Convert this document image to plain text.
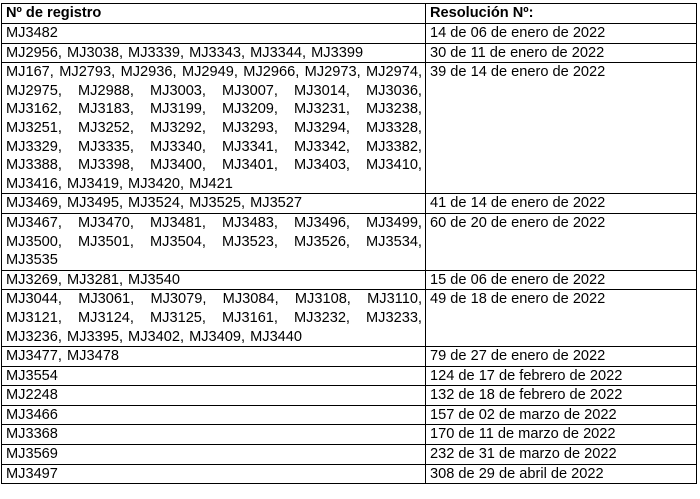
Nº de registro	Resolución Nº:
MJ3482	14 de 06 de enero de 2022
MJ2956, MJ3038, MJ3339, MJ3343, MJ3344, MJ3399	30 de 11 de enero de 2022
MJ167, MJ2793, MJ2936, MJ2949, MJ2966, MJ2973, MJ2974, MJ2975, MJ2988, MJ3003, MJ3007, MJ3014, MJ3036, MJ3162, MJ3183, MJ3199, MJ3209, MJ3231, MJ3238, MJ3251, MJ3252, MJ3292, MJ3293, MJ3294, MJ3328, MJ3329, MJ3335, MJ3340, MJ3341, MJ3342, MJ3382, MJ3388, MJ3398, MJ3400, MJ3401, MJ3403, MJ3410, MJ3416, MJ3419, MJ3420, MJ421	39 de 14 de enero de 2022
MJ3469, MJ3495, MJ3524, MJ3525, MJ3527	41 de 14 de enero de 2022
MJ3467, MJ3470, MJ3481, MJ3483, MJ3496, MJ3499, MJ3500, MJ3501, MJ3504, MJ3523, MJ3526, MJ3534, MJ3535	60 de 20 de enero de 2022
MJ3269, MJ3281, MJ3540	15 de 06 de enero de 2022
MJ3044, MJ3061, MJ3079, MJ3084, MJ3108, MJ3110, MJ3121, MJ3124, MJ3125, MJ3161, MJ3232, MJ3233, MJ3236, MJ3395, MJ3402, MJ3409, MJ3440	49 de 18 de enero de 2022
MJ3477, MJ3478	79 de 27 de enero de 2022
MJ3554	124 de 17 de febrero de 2022
MJ2248	132 de 18 de febrero de 2022
MJ3466	157 de 02 de marzo de 2022
MJ3368	170 de 11 de marzo de 2022
MJ3569	232 de 31 de marzo de 2022
MJ3497	308 de 29 de abril de 2022
